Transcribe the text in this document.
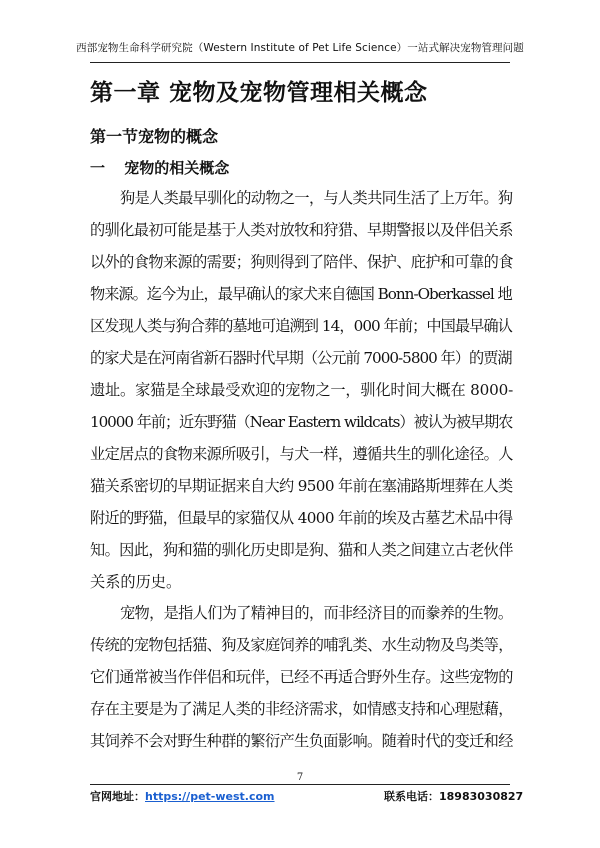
西部宠物生命科学研究院（Western Institute of Pet Life Science）一站式解决宠物管理问题
第一章 宠物及宠物管理相关概念
第一节宠物的概念
一 宠物的相关概念

狗是人类最早驯化的动物之一，与人类共同生活了上万年。狗

的驯化最初可能是基于人类对放牧和狩猎、早期警报以及伴侣关系

以外的食物来源的需要；狗则得到了陪伴、保护、庇护和可靠的食

物来源。迄今为止，最早确认的家犬来自德国 Bonn-Oberkassel 地

区发现人类与狗合葬的墓地可追溯到 14，000 年前；中国最早确认

的家犬是在河南省新石器时代早期（公元前 7000-5800 年）的贾湖

遗址。家猫是全球最受欢迎的宠物之一，驯化时间大概在 8000-

10000 年前；近东野猫（Near Eastern wildcats）被认为被早期农

业定居点的食物来源所吸引，与犬一样，遵循共生的驯化途径。人

猫关系密切的早期证据来自大约 9500 年前在塞浦路斯埋葬在人类

附近的野猫，但最早的家猫仅从 4000 年前的埃及古墓艺术品中得

知。因此，狗和猫的驯化历史即是狗、猫和人类之间建立古老伙伴

关系的历史。

宠物，是指人们为了精神目的，而非经济目的而豢养的生物。

传统的宠物包括猫、狗及家庭饲养的哺乳类、水生动物及鸟类等，

它们通常被当作伴侣和玩伴，已经不再适合野外生存。这些宠物的

存在主要是为了满足人类的非经济需求，如情感支持和心理慰藉，

其饲养不会对野生种群的繁衍产生负面影响。随着时代的变迁和经

7
官网地址：https://pet-west.com	联系电话：18983030827
